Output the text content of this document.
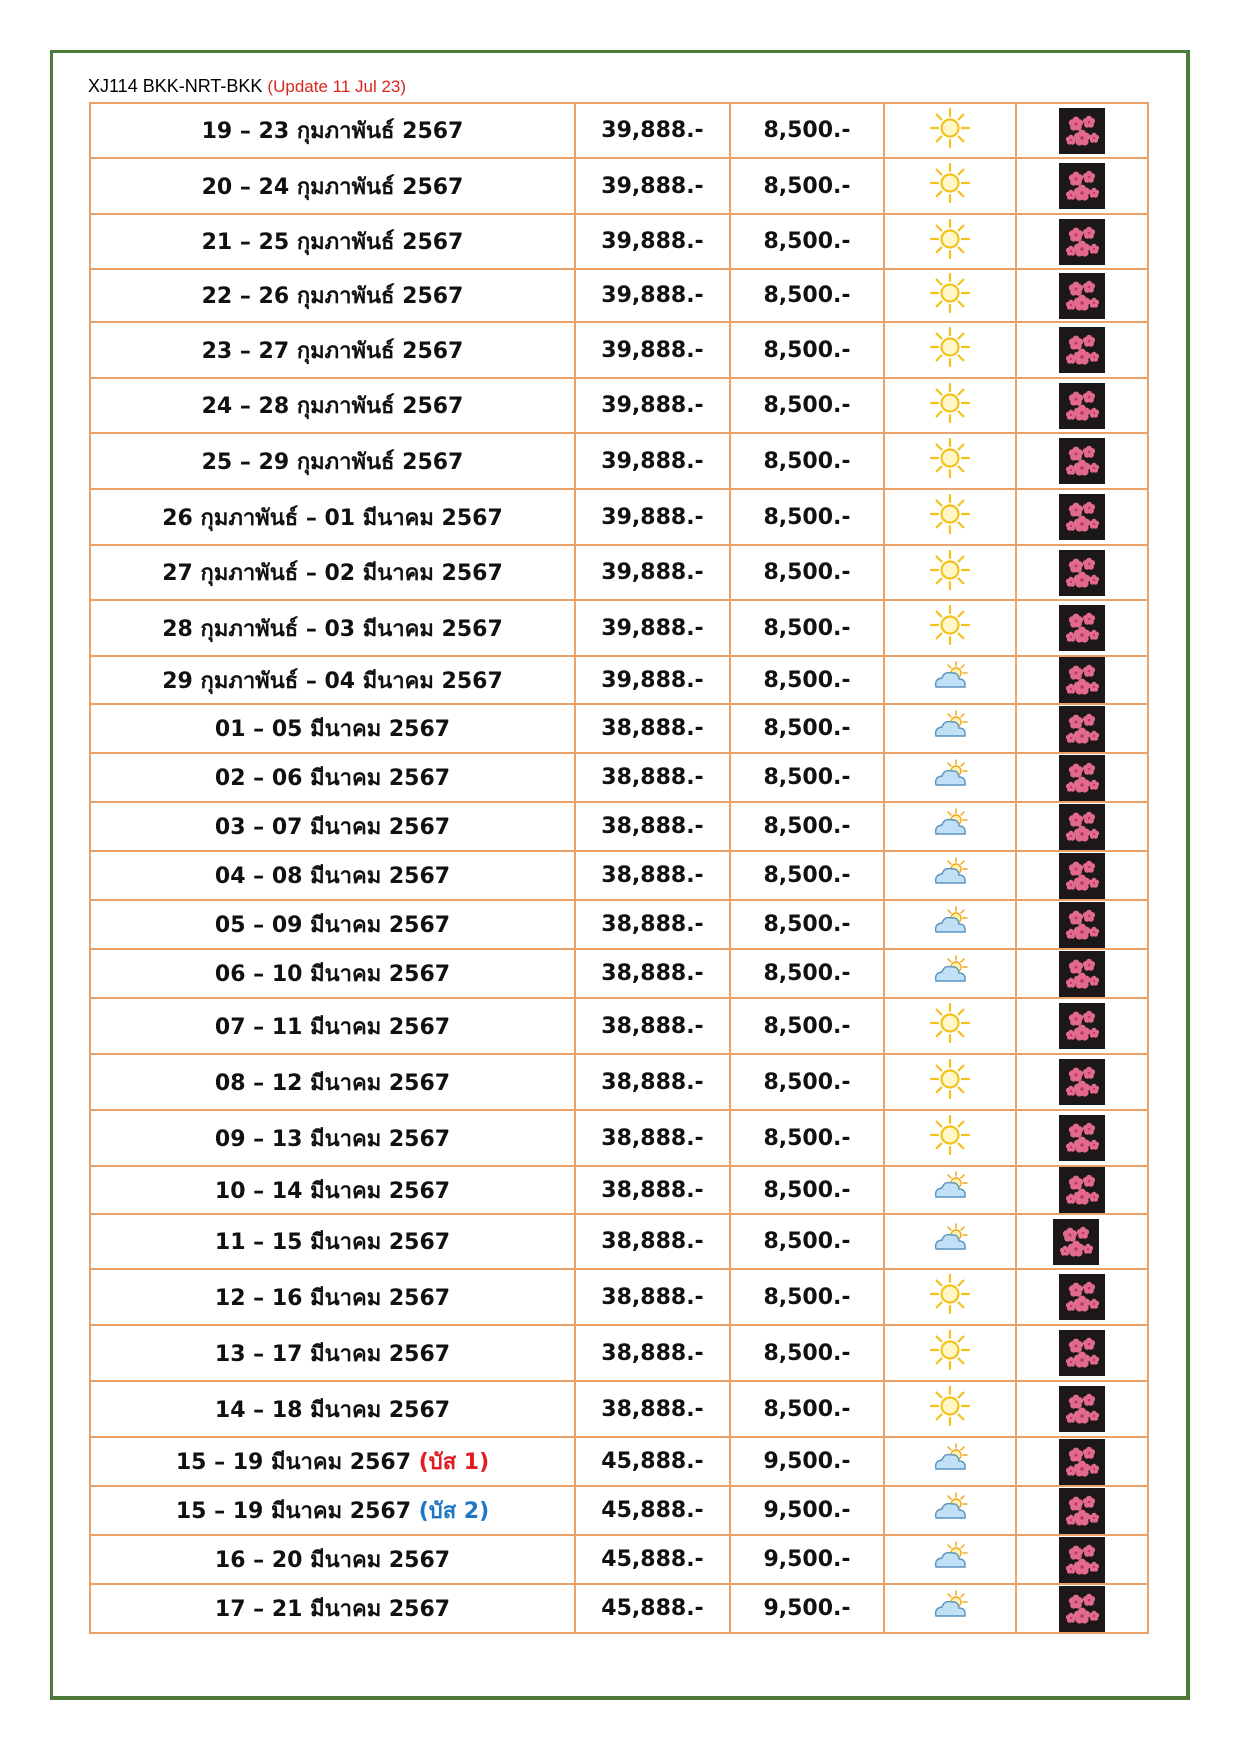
XJ114 BKK-NRT-BKK (Update 11 Jul 23)
19 – 23 กุมภาพันธ์ 2567	39,888.-	8,500.-	

20 – 24 กุมภาพันธ์ 2567	39,888.-	8,500.-	

21 – 25 กุมภาพันธ์ 2567	39,888.-	8,500.-	

22 – 26 กุมภาพันธ์ 2567	39,888.-	8,500.-	

23 – 27 กุมภาพันธ์ 2567	39,888.-	8,500.-	

24 – 28 กุมภาพันธ์ 2567	39,888.-	8,500.-	

25 – 29 กุมภาพันธ์ 2567	39,888.-	8,500.-	

26 กุมภาพันธ์ – 01 มีนาคม 2567	39,888.-	8,500.-	

27 กุมภาพันธ์ – 02 มีนาคม 2567	39,888.-	8,500.-	

28 กุมภาพันธ์ – 03 มีนาคม 2567	39,888.-	8,500.-	

29 กุมภาพันธ์ – 04 มีนาคม 2567	39,888.-	8,500.-	

01 – 05 มีนาคม 2567	38,888.-	8,500.-	

02 – 06 มีนาคม 2567	38,888.-	8,500.-	

03 – 07 มีนาคม 2567	38,888.-	8,500.-	

04 – 08 มีนาคม 2567	38,888.-	8,500.-	

05 – 09 มีนาคม 2567	38,888.-	8,500.-	

06 – 10 มีนาคม 2567	38,888.-	8,500.-	

07 – 11 มีนาคม 2567	38,888.-	8,500.-	

08 – 12 มีนาคม 2567	38,888.-	8,500.-	

09 – 13 มีนาคม 2567	38,888.-	8,500.-	

10 – 14 มีนาคม 2567	38,888.-	8,500.-	

11 – 15 มีนาคม 2567	38,888.-	8,500.-	

12 – 16 มีนาคม 2567	38,888.-	8,500.-	

13 – 17 มีนาคม 2567	38,888.-	8,500.-	

14 – 18 มีนาคม 2567	38,888.-	8,500.-	

15 – 19 มีนาคม 2567 (บัส 1)	45,888.-	9,500.-	

15 – 19 มีนาคม 2567 (บัส 2)	45,888.-	9,500.-	

16 – 20 มีนาคม 2567	45,888.-	9,500.-	

17 – 21 มีนาคม 2567	45,888.-	9,500.-	
